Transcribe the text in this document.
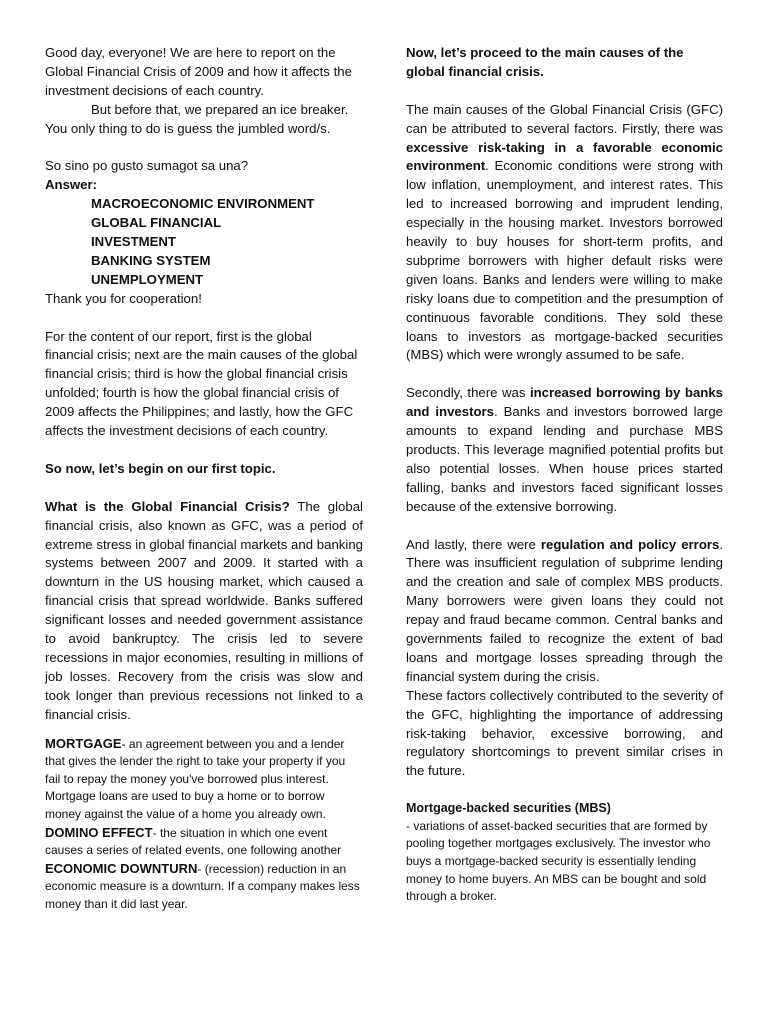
Good day, everyone! We are here to report on the Global Financial Crisis of 2009 and how it affects the investment decisions of each country.

But before that, we prepared an ice breaker. You only thing to do is guess the jumbled word/s.

So sino po gusto sumagot sa una?

Answer:

MACROECONOMIC ENVIRONMENT
GLOBAL FINANCIAL
INVESTMENT
BANKING SYSTEM
UNEMPLOYMENT

Thank you for cooperation!

For the content of our report, first is the global financial crisis; next are the main causes of the global financial crisis; third is how the global financial crisis unfolded; fourth is how the global financial crisis of 2009 affects the Philippines; and lastly, how the GFC affects the investment decisions of each country.

So now, let’s begin on our first topic.

What is the Global Financial Crisis? The global financial crisis, also known as GFC, was a period of extreme stress in global financial markets and banking systems between 2007 and 2009. It started with a downturn in the US housing market, which caused a financial crisis that spread worldwide. Banks suffered significant losses and needed government assistance to avoid bankruptcy. The crisis led to severe recessions in major economies, resulting in millions of job losses. Recovery from the crisis was slow and took longer than previous recessions not linked to a financial crisis.

MORTGAGE- an agreement between you and a lender that gives the lender the right to take your property if you fail to repay the money you've borrowed plus interest. Mortgage loans are used to buy a home or to borrow money against the value of a home you already own.

DOMINO EFFECT- the situation in which one event causes a series of related events, one following another

ECONOMIC DOWNTURN- (recession) reduction in an economic measure is a downturn. If a company makes less money than it did last year.

Now, let’s proceed to the main causes of the global financial crisis.

The main causes of the Global Financial Crisis (GFC) can be attributed to several factors. Firstly, there was excessive risk-taking in a favorable economic environment. Economic conditions were strong with low inflation, unemployment, and interest rates. This led to increased borrowing and imprudent lending, especially in the housing market. Investors borrowed heavily to buy houses for short-term profits, and subprime borrowers with higher default risks were given loans. Banks and lenders were willing to make risky loans due to competition and the presumption of continuous favorable conditions. They sold these loans to investors as mortgage-backed securities (MBS) which were wrongly assumed to be safe.

Secondly, there was increased borrowing by banks and investors. Banks and investors borrowed large amounts to expand lending and purchase MBS products. This leverage magnified potential profits but also potential losses. When house prices started falling, banks and investors faced significant losses because of the extensive borrowing.

And lastly, there were regulation and policy errors. There was insufficient regulation of subprime lending and the creation and sale of complex MBS products. Many borrowers were given loans they could not repay and fraud became common. Central banks and governments failed to recognize the extent of bad loans and mortgage losses spreading through the financial system during the crisis.

These factors collectively contributed to the severity of the GFC, highlighting the importance of addressing risk-taking behavior, excessive borrowing, and regulatory shortcomings to prevent similar crises in the future.

Mortgage-backed securities (MBS)

- variations of asset-backed securities that are formed by pooling together mortgages exclusively. The investor who buys a mortgage-backed security is essentially lending money to home buyers. An MBS can be bought and sold through a broker.
